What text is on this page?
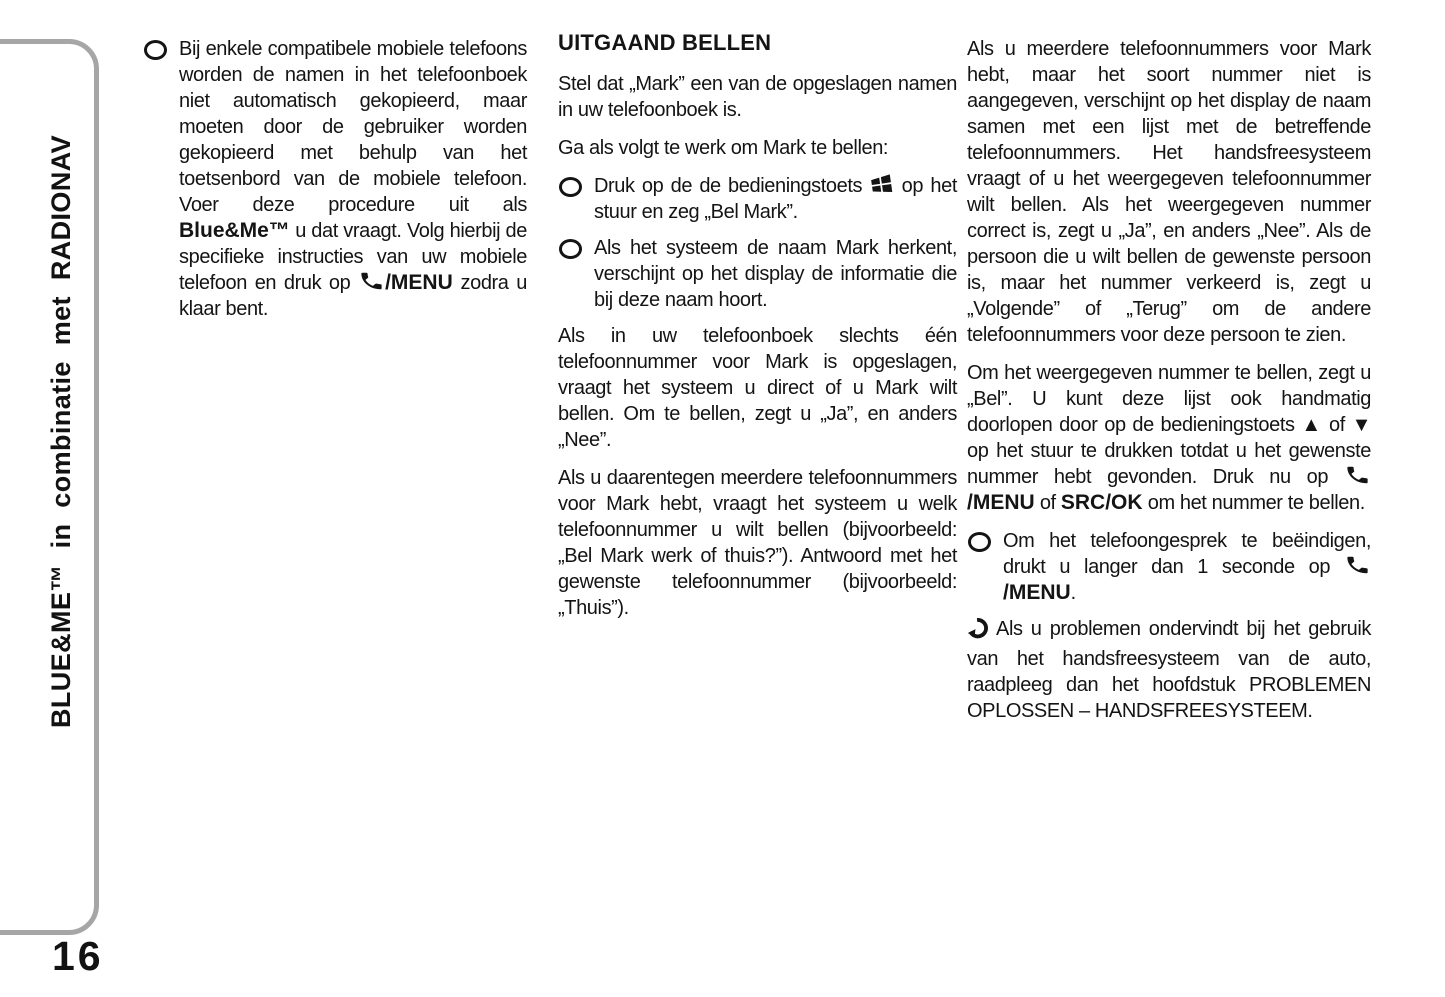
BLUE&ME™ in combinatie met RADIONAV
16
Bij enkele compatibele mobiele telefoons worden de namen in het telefoonboek niet automatisch gekopieerd, maar moeten door de gebruiker worden gekopieerd met behulp van het toetsenbord van de mobiele telefoon. Voer deze procedure uit als Blue&Me™ u dat vraagt. Volg hierbij de specifieke instructies van uw mobiele telefoon en druk op
/MENU zodra u klaar bent.
UITGAAND BELLEN

Stel dat „Mark” een van de opgeslagen namen in uw telefoonboek is.

Ga als volgt te werk om Mark te bellen:

Druk op de de bedieningstoets
op het stuur en zeg „Bel Mark”.
Als het systeem de naam Mark herkent, verschijnt op het display de informatie die bij deze naam hoort.

Als in uw telefoonboek slechts één telefoonnummer voor Mark is opgeslagen, vraagt het systeem u direct of u Mark wilt bellen. Om te bellen, zegt u „Ja”, en anders „Nee”.

Als u daarentegen meerdere telefoonnummers voor Mark hebt, vraagt het systeem u welk telefoonnummer u wilt bellen (bijvoorbeeld: „Bel Mark werk of thuis?”). Antwoord met het gewenste telefoonnummer (bijvoorbeeld: „Thuis”).

Als u meerdere telefoonnummers voor Mark hebt, maar het soort nummer niet is aangegeven, verschijnt op het display de naam samen met een lijst met de betreffende telefoonnummers. Het handsfreesysteem vraagt of u het weergegeven telefoonnummer wilt bellen. Als het weergegeven nummer correct is, zegt u „Ja”, en anders „Nee”. Als de persoon die u wilt bellen de gewenste persoon is, maar het nummer verkeerd is, zegt u „Volgende” of „Terug” om de andere telefoonnummers voor deze persoon te zien.

Om het weergegeven nummer te bellen, zegt u „Bel”. U kunt deze lijst ook handmatig doorlopen door op de bedieningstoets ▲ of ▼ op het stuur te drukken totdat u het gewenste nummer hebt gevonden. Druk nu op
/MENU of SRC/OK om het nummer te bellen.

Om het telefoongesprek te beëindigen, drukt u langer dan 1 seconde op
/MENU.

Als u problemen ondervindt bij het gebruik van het handsfreesysteem van de auto, raadpleeg dan het hoofdstuk PROBLEMEN OPLOSSEN – HANDSFREESYSTEEM.
